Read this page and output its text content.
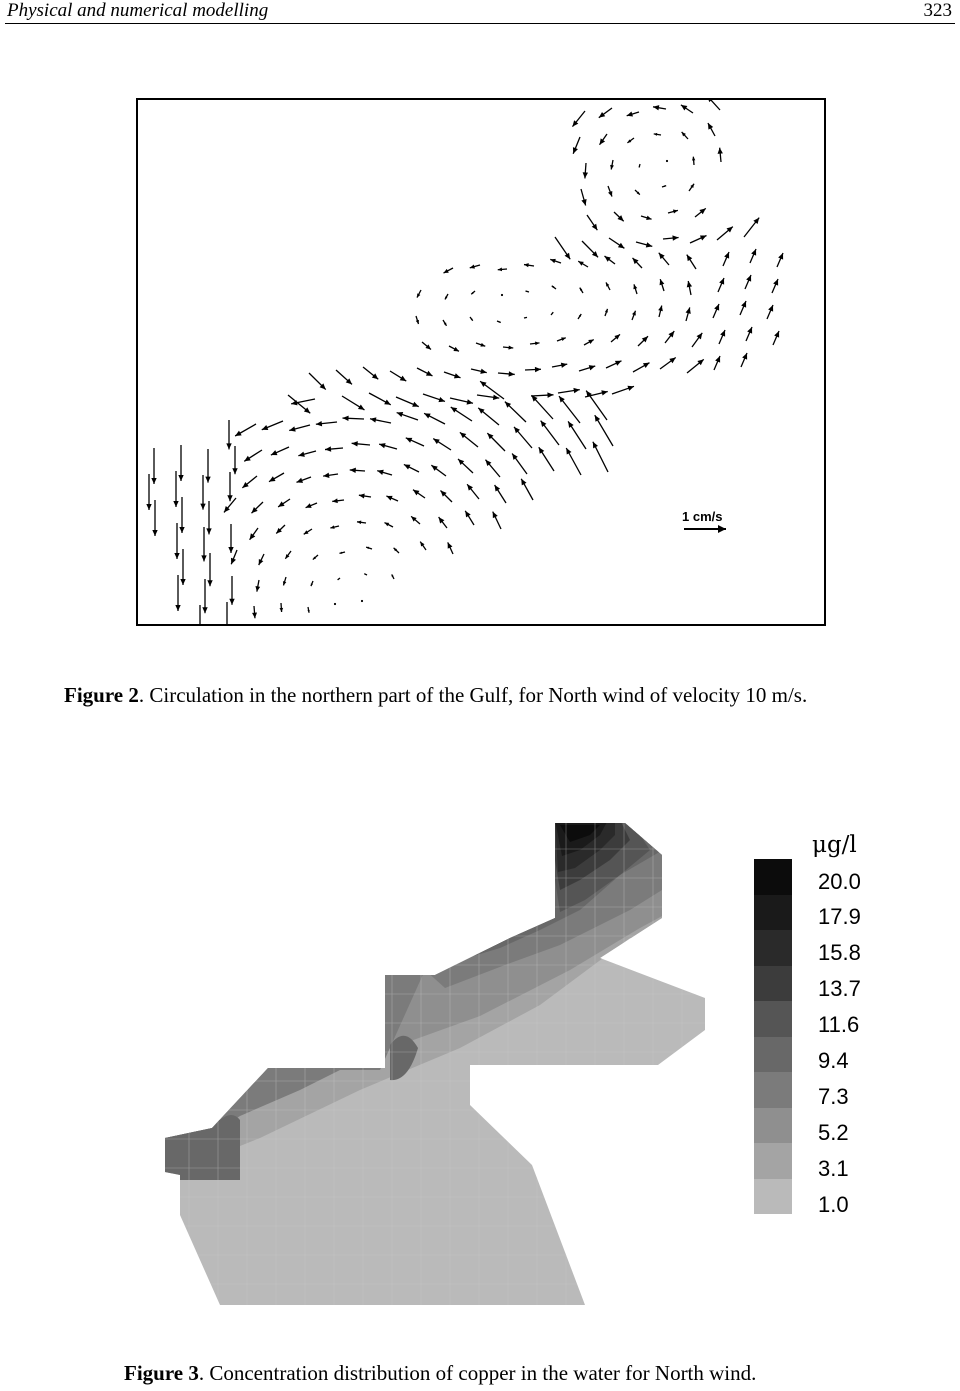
Physical and numerical modelling	323
1 cm/s
Figure 2. Circulation in the northern part of the Gulf, for North wind of velocity 10 m/s.
μg/l
20.0
17.9
15.8
13.7
11.6
9.4
7.3
5.2
3.1
1.0
Figure 3. Concentration distribution of copper in the water for North wind.
